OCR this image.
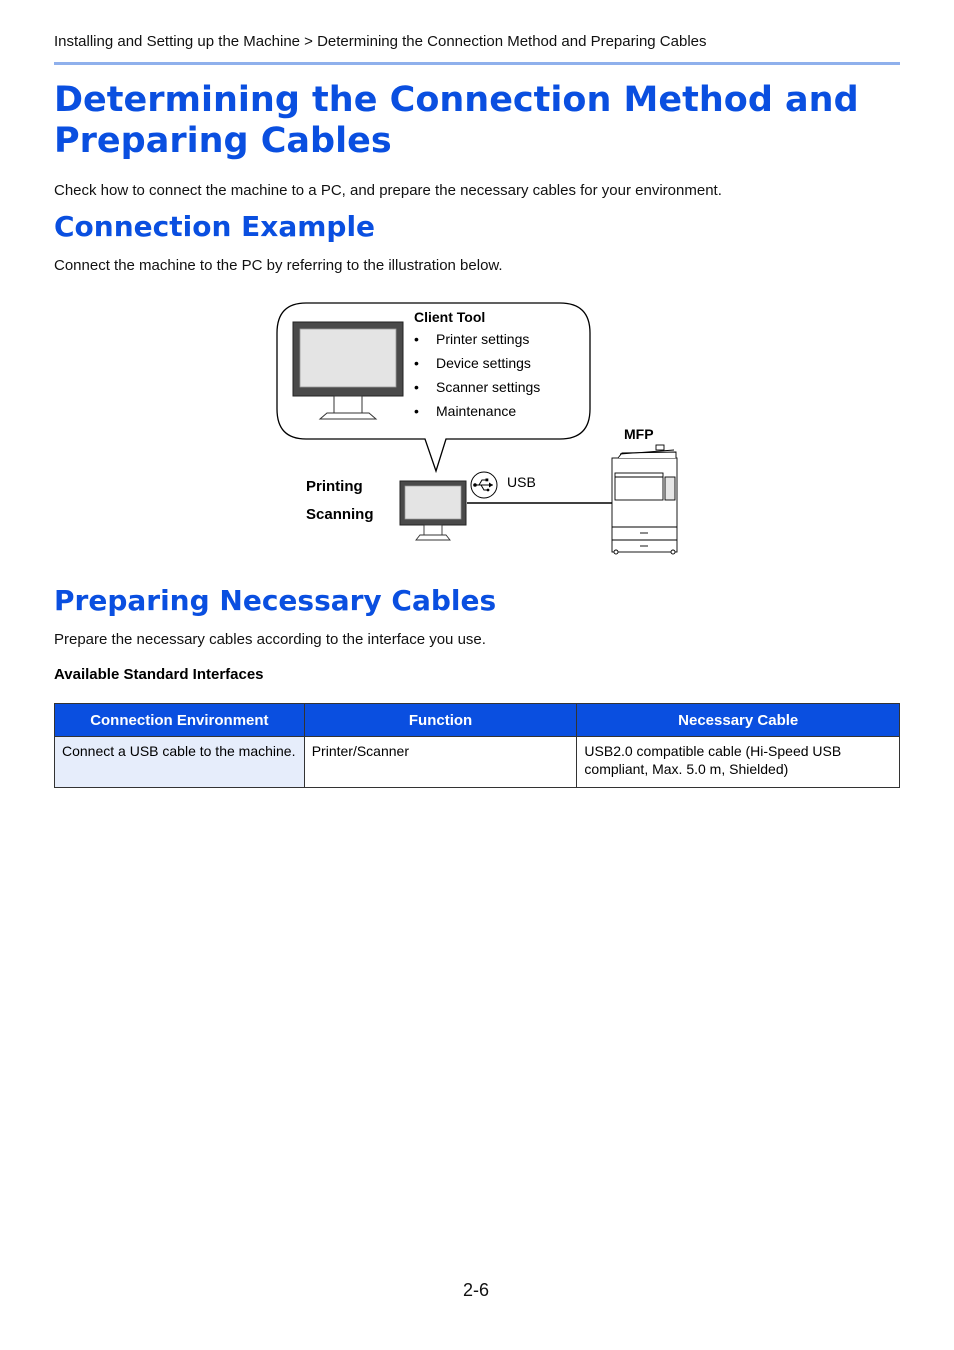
Installing and Setting up the Machine > Determining the Connection Method and Preparing Cables
Determining the Connection Method and Preparing Cables

Check how to connect the machine to a PC, and prepare the necessary cables for your environment.

Connection Example

Connect the machine to the PC by referring to the illustration below.

Client Tool
• Printer settings
• Device settings
• Scanner settings
• Maintenance
MFP
USB
Printing
Scanning
Preparing Necessary Cables

Prepare the necessary cables according to the interface you use.

Available Standard Interfaces

Connection Environment	Function	Necessary Cable
Connect a USB cable to the machine.	Printer/Scanner	USB2.0 compatible cable (Hi-Speed USB compliant, Max. 5.0 m, Shielded)
2-6
